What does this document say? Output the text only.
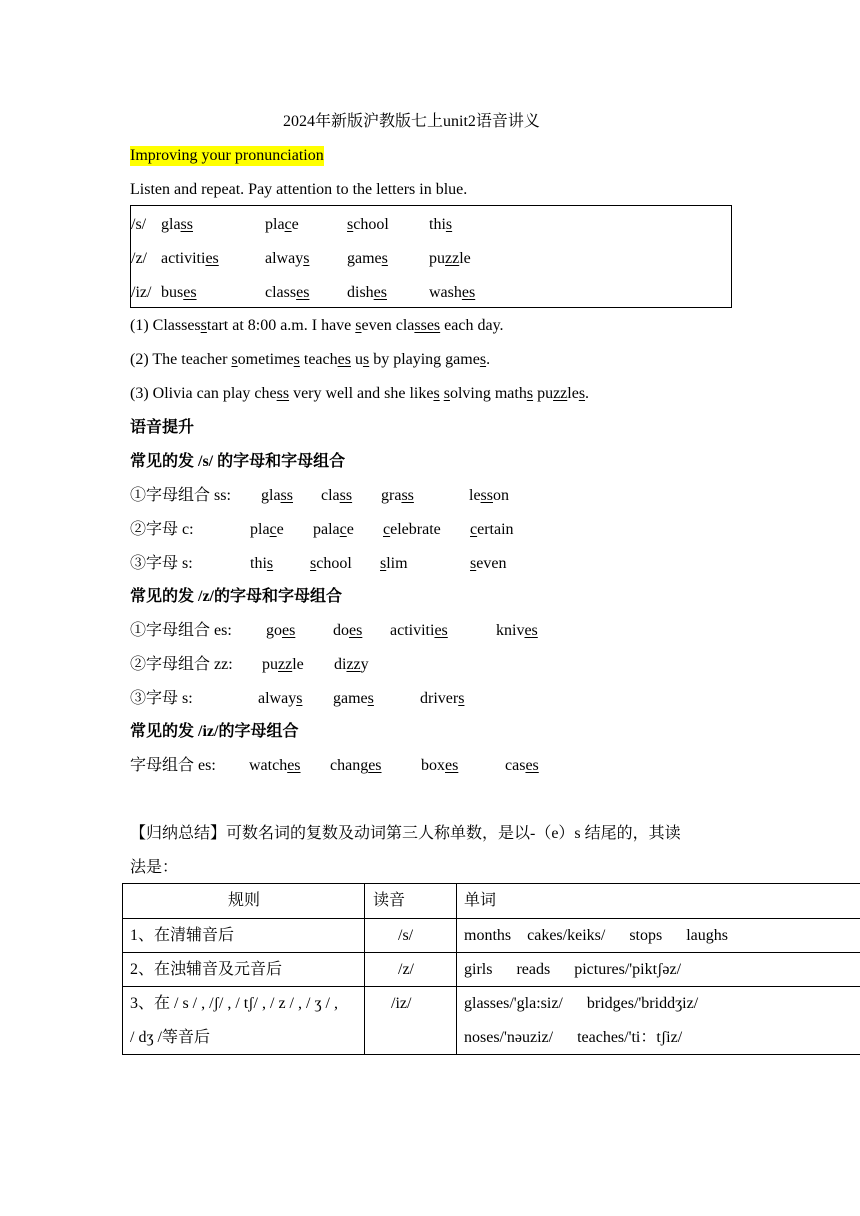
2024年新版沪教版七上unit2语音讲义
Improving your pronunciation
Listen and repeat. Pay attention to the letters in blue.
/s/ glass	place	school	this
/z/ activities	always games	puzzle
/iz/ buses	classes dishes	washes
(1) Classesstart at 8:00 a.m. I have seven classes each day.
(2) The teacher sometimes teaches us by playing games.
(3) Olivia can play chess very well and she likes solving maths puzzles.
语音提升
常见的发 /s/ 的字母和字母组合
①字母组合 ss: glass class grass	lesson
②字母 c:	place palace celebrate certain
③字母 s:	this school slim	seven
常见的发 /z/的字母和字母组合
①字母组合 es: goes does activities	knives
②字母组合 zz: puzzle dizzy
③字母 s:	always games	drivers
常见的发 /iz/的字母组合
字母组合 es: watches changes boxes	cases
【归纳总结】可数名词的复数及动词第三人称单数，是以-（e）s 结尾的，其读
法是：
规则	读音	单词
1、在清辅音后	/s/	months    cakes/keiks/      stops      laughs
2、在浊辅音及元音后	/z/	girls      reads      pictures/'piktʃəz/
3、在 / s / , /ʃ/ , / tʃ/ , / z / , / ʒ / ,
/ dʒ /等音后
/iz/	glasses/'gla:siz/      bridges/'briddʒiz/
noses/'nəuziz/      teaches/'ti：tʃiz/
